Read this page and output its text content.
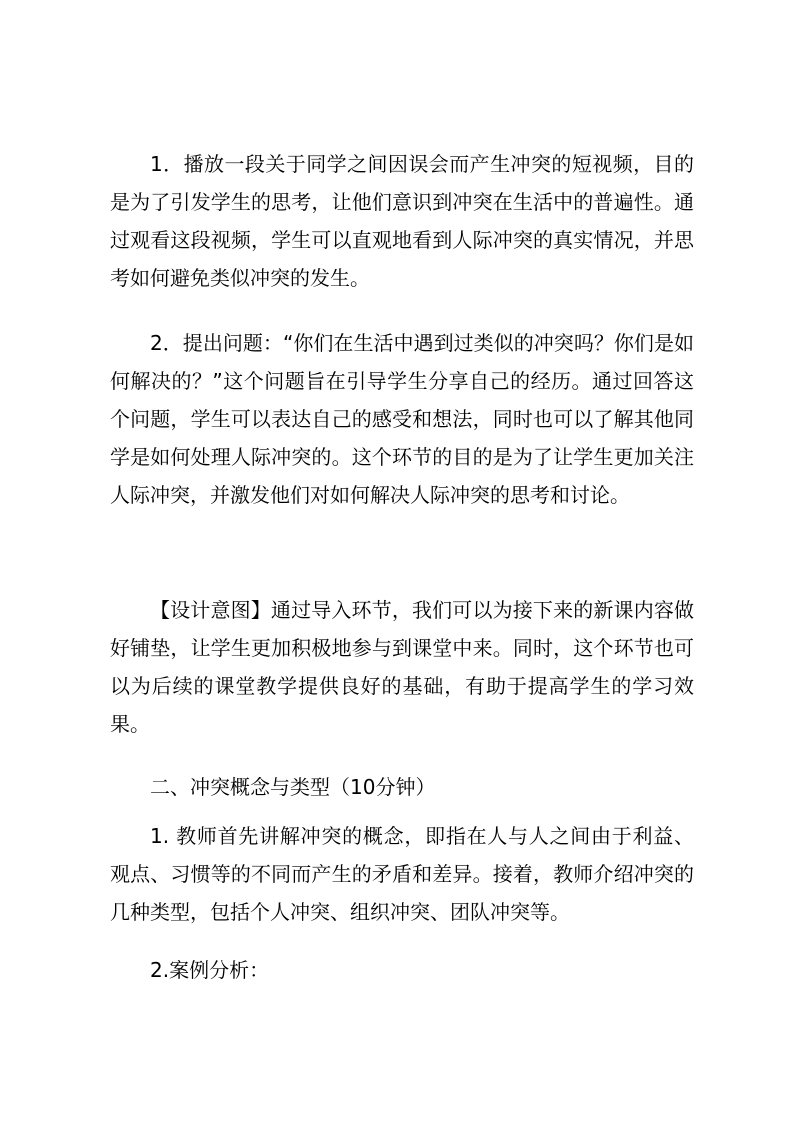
1．播放一段关于同学之间因误会而产生冲突的短视频，目的是为了引发学生的思考，让他们意识到冲突在生活中的普遍性。通过观看这段视频，学生可以直观地看到人际冲突的真实情况，并思考如何避免类似冲突的发生。

2．提出问题：“你们在生活中遇到过类似的冲突吗？你们是如何解决的？”这个问题旨在引导学生分享自己的经历。通过回答这个问题，学生可以表达自己的感受和想法，同时也可以了解其他同学是如何处理人际冲突的。这个环节的目的是为了让学生更加关注人际冲突，并激发他们对如何解决人际冲突的思考和讨论。

【设计意图】通过导入环节，我们可以为接下来的新课内容做好铺垫，让学生更加积极地参与到课堂中来。同时，这个环节也可以为后续的课堂教学提供良好的基础，有助于提高学生的学习效果。

二、冲突概念与类型（10分钟）

1. 教师首先讲解冲突的概念，即指在人与人之间由于利益、观点、习惯等的不同而产生的矛盾和差异。接着，教师介绍冲突的几种类型，包括个人冲突、组织冲突、团队冲突等。

2.案例分析：
